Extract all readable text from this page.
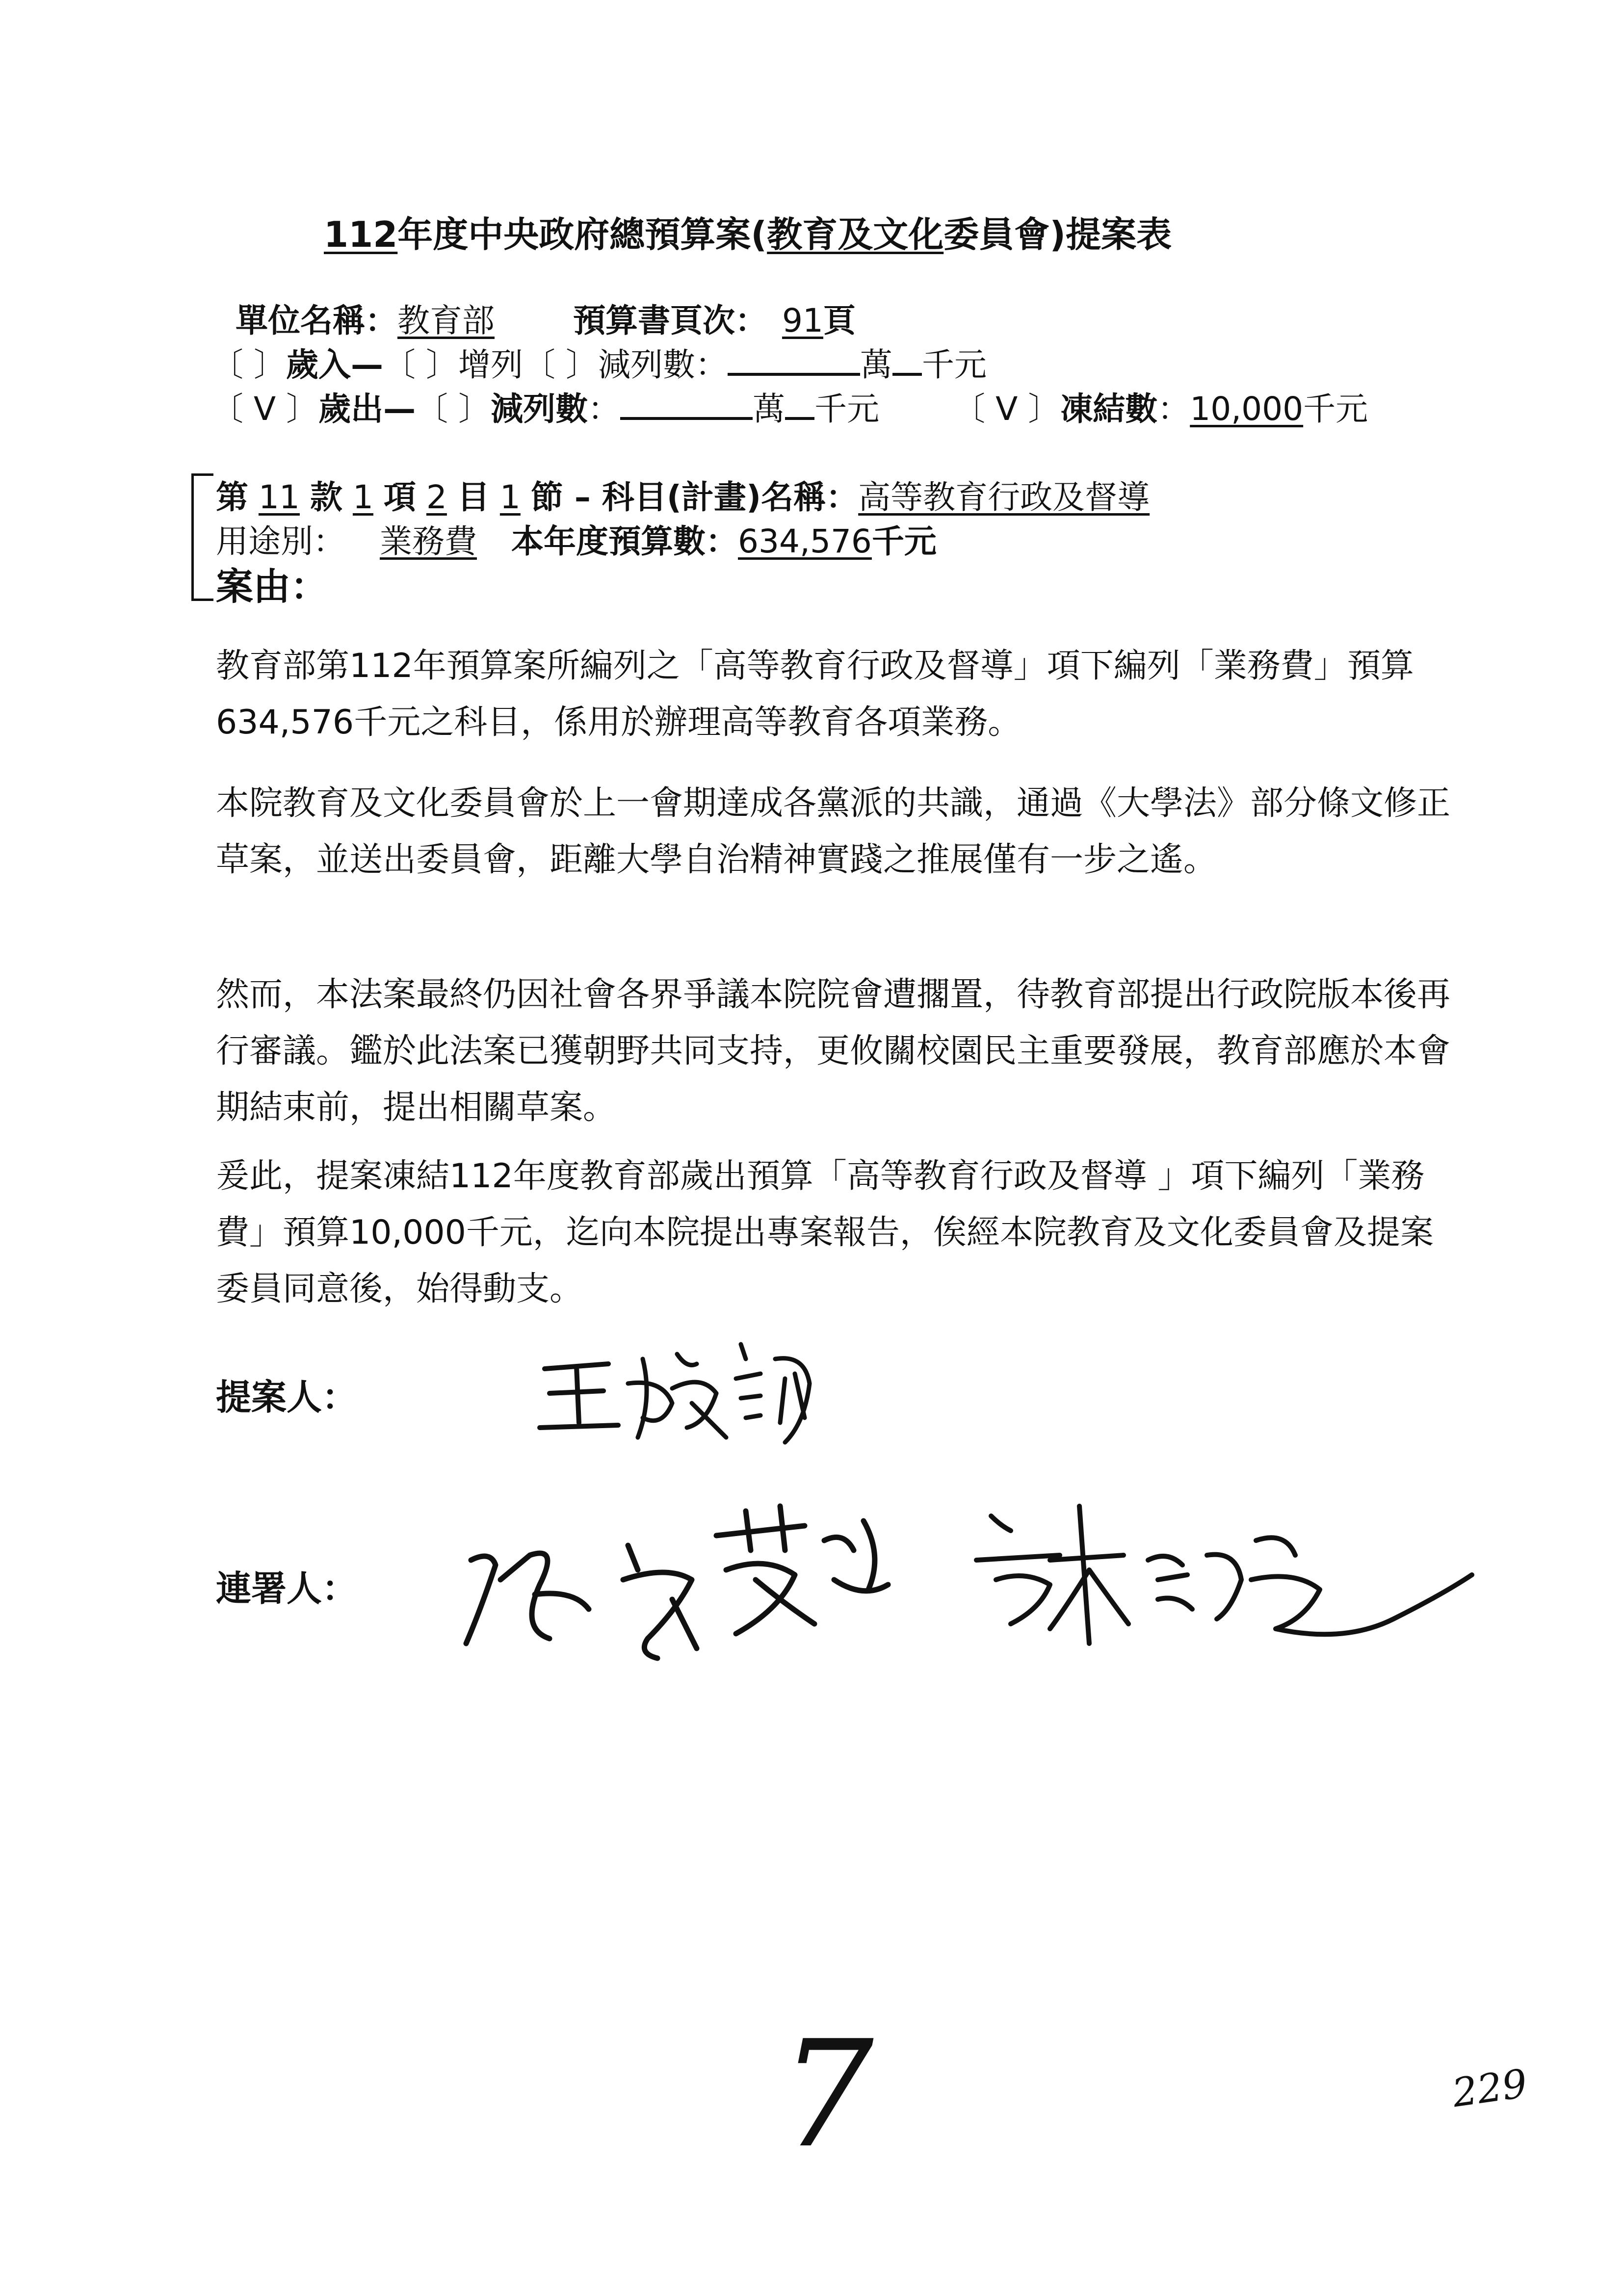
112年度中央政府總預算案(教育及文化委員會)提案表
單位名稱：教育部 預算書頁次： 91頁
〔 〕歲入—〔 〕增列〔 〕減列數：	萬 千元
〔 V 〕歲出—〔 〕減列數：	萬 千元 〔 V 〕凍結數：10,000千元
第 11 款 1 項 2 目 1 節 – 科目(計畫)名稱：高等教育行政及督導
用途別： 業務費 本年度預算數：634,576千元
案由：
教育部第112年預算案所編列之「高等教育行政及督導」項下編列「業務費」預算634,576千元之科目，係用於辦理高等教育各項業務。
本院教育及文化委員會於上一會期達成各黨派的共識，通過《大學法》部分條文修正草案，並送出委員會，距離大學自治精神實踐之推展僅有一步之遙。
然而，本法案最終仍因社會各界爭議本院院會遭擱置，待教育部提出行政院版本後再行審議。鑑於此法案已獲朝野共同支持，更攸關校園民主重要發展，教育部應於本會期結束前，提出相關草案。
爰此，提案凍結112年度教育部歲出預算「高等教育行政及督導 」項下編列「業務費」預算10,000千元，迄向本院提出專案報告，俟經本院教育及文化委員會及提案委員同意後，始得動支。
提案人：
連署人：
7	229
